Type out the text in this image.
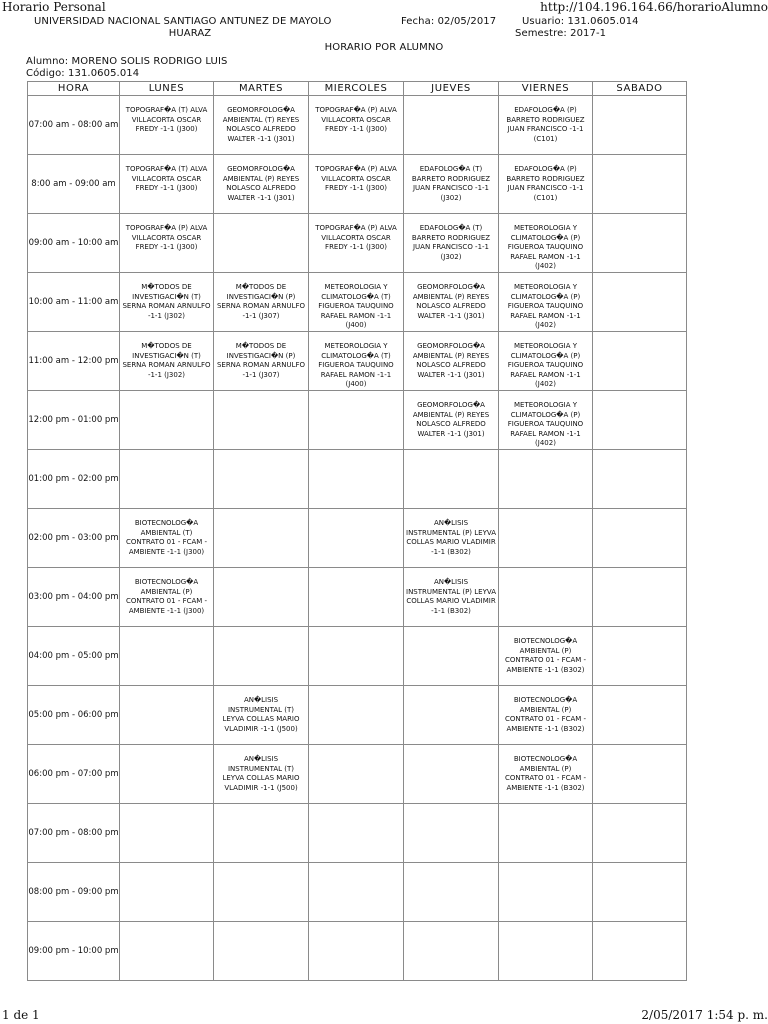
Horario Personal	http://104.196.164.66/horarioAlumno
UNIVERSIDAD NACIONAL SANTIAGO ANTUNEZ DE MAYOLO
HUARAZ
Fecha: 02/05/2017	Usuario: 131.0605.014
Semestre: 2017-1
HORARIO POR ALUMNO
Alumno: MORENO SOLIS RODRIGO LUIS
Código: 131.0605.014
HORA	LUNES	MARTES	MIERCOLES	JUEVES	VIERNES	SABADO
07:00 am - 08:00 am	TOPOGRAF�A (T) ALVA VILLACORTA OSCAR FREDY -1-1 (J300)	GEOMORFOLOG�A AMBIENTAL (T) REYES NOLASCO ALFREDO WALTER -1-1 (J301)	TOPOGRAF�A (P) ALVA VILLACORTA OSCAR FREDY -1-1 (J300)		EDAFOLOG�A (P) BARRETO RODRIGUEZ JUAN FRANCISCO -1-1 (C101)	

8:00 am - 09:00 am	TOPOGRAF�A (T) ALVA VILLACORTA OSCAR FREDY -1-1 (J300)	GEOMORFOLOG�A AMBIENTAL (P) REYES NOLASCO ALFREDO WALTER -1-1 (J301)	TOPOGRAF�A (P) ALVA VILLACORTA OSCAR FREDY -1-1 (J300)	EDAFOLOG�A (T) BARRETO RODRIGUEZ JUAN FRANCISCO -1-1 (J302)	EDAFOLOG�A (P) BARRETO RODRIGUEZ JUAN FRANCISCO -1-1 (C101)	

09:00 am - 10:00 am	TOPOGRAF�A (P) ALVA VILLACORTA OSCAR FREDY -1-1 (J300)		TOPOGRAF�A (P) ALVA VILLACORTA OSCAR FREDY -1-1 (J300)	EDAFOLOG�A (T) BARRETO RODRIGUEZ JUAN FRANCISCO -1-1 (J302)	METEOROLOGIA Y CLIMATOLOG�A (P) FIGUEROA TAUQUINO RAFAEL RAMON -1-1 (J402)	

10:00 am - 11:00 am	M�TODOS DE INVESTIGACI�N (T) SERNA ROMAN ARNULFO -1-1 (J302)	M�TODOS DE INVESTIGACI�N (P) SERNA ROMAN ARNULFO -1-1 (J307)	METEOROLOGIA Y CLIMATOLOG�A (T) FIGUEROA TAUQUINO RAFAEL RAMON -1-1 (J400)	GEOMORFOLOG�A AMBIENTAL (P) REYES NOLASCO ALFREDO WALTER -1-1 (J301)	METEOROLOGIA Y CLIMATOLOG�A (P) FIGUEROA TAUQUINO RAFAEL RAMON -1-1 (J402)	

11:00 am - 12:00 pm	M�TODOS DE INVESTIGACI�N (T) SERNA ROMAN ARNULFO -1-1 (J302)	M�TODOS DE INVESTIGACI�N (P) SERNA ROMAN ARNULFO -1-1 (J307)	METEOROLOGIA Y CLIMATOLOG�A (T) FIGUEROA TAUQUINO RAFAEL RAMON -1-1 (J400)	GEOMORFOLOG�A AMBIENTAL (P) REYES NOLASCO ALFREDO WALTER -1-1 (J301)	METEOROLOGIA Y CLIMATOLOG�A (P) FIGUEROA TAUQUINO RAFAEL RAMON -1-1 (J402)	

12:00 pm - 01:00 pm				GEOMORFOLOG�A AMBIENTAL (P) REYES NOLASCO ALFREDO WALTER -1-1 (J301)	METEOROLOGIA Y CLIMATOLOG�A (P) FIGUEROA TAUQUINO RAFAEL RAMON -1-1 (J402)	

01:00 pm - 02:00 pm	

02:00 pm - 03:00 pm	BIOTECNOLOG�A AMBIENTAL (T) CONTRATO 01 - FCAM - AMBIENTE -1-1 (J300)			AN�LISIS INSTRUMENTAL (P) LEYVA COLLAS MARIO VLADIMIR -1-1 (B302)		

03:00 pm - 04:00 pm	BIOTECNOLOG�A AMBIENTAL (P) CONTRATO 01 - FCAM - AMBIENTE -1-1 (J300)			AN�LISIS INSTRUMENTAL (P) LEYVA COLLAS MARIO VLADIMIR -1-1 (B302)		

04:00 pm - 05:00 pm					BIOTECNOLOG�A AMBIENTAL (P) CONTRATO 01 - FCAM - AMBIENTE -1-1 (B302)	

05:00 pm - 06:00 pm		AN�LISIS INSTRUMENTAL (T) LEYVA COLLAS MARIO VLADIMIR -1-1 (J500)			BIOTECNOLOG�A AMBIENTAL (P) CONTRATO 01 - FCAM - AMBIENTE -1-1 (B302)	

06:00 pm - 07:00 pm		AN�LISIS INSTRUMENTAL (T) LEYVA COLLAS MARIO VLADIMIR -1-1 (J500)			BIOTECNOLOG�A AMBIENTAL (P) CONTRATO 01 - FCAM - AMBIENTE -1-1 (B302)	

07:00 pm - 08:00 pm	

08:00 pm - 09:00 pm	

09:00 pm - 10:00 pm	

1 de 1	2/05/2017 1:54 p. m.
